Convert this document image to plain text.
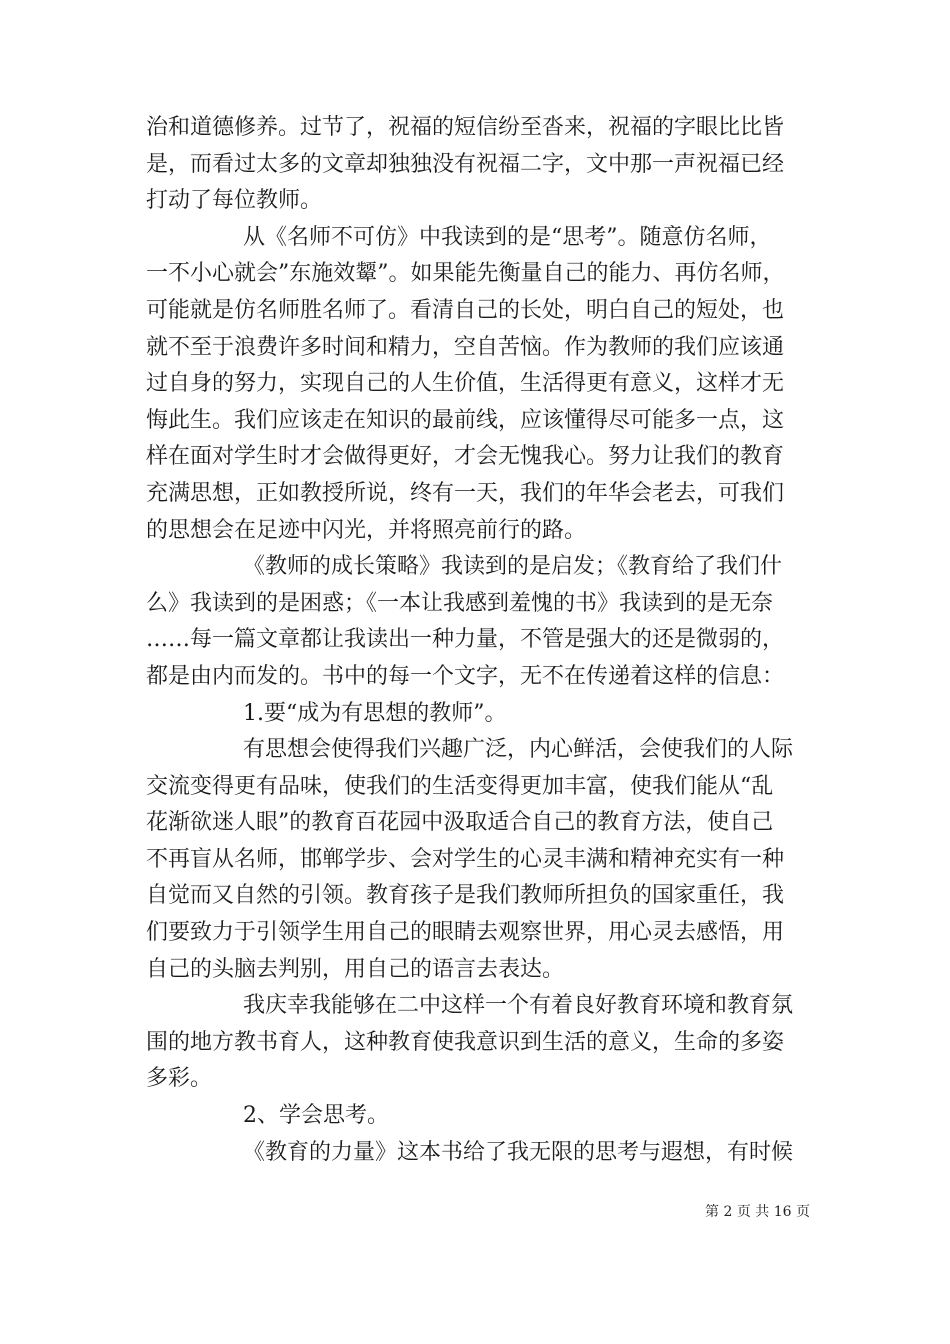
治和道德修养。过节了，祝福的短信纷至沓来，祝福的字眼比比皆
是，而看过太多的文章却独独没有祝福二字，文中那一声祝福已经
打动了每位教师。
从《名师不可仿》中我读到的是“思考”。随意仿名师，
一不小心就会”东施效颦”。如果能先衡量自己的能力、再仿名师，
可能就是仿名师胜名师了。看清自己的长处，明白自己的短处，也
就不至于浪费许多时间和精力，空自苦恼。作为教师的我们应该通
过自身的努力，实现自己的人生价值，生活得更有意义，这样才无
悔此生。我们应该走在知识的最前线，应该懂得尽可能多一点，这
样在面对学生时才会做得更好，才会无愧我心。努力让我们的教育
充满思想，正如教授所说，终有一天，我们的年华会老去，可我们
的思想会在足迹中闪光，并将照亮前行的路。
《教师的成长策略》我读到的是启发；《教育给了我们什
么》我读到的是困惑；《一本让我感到羞愧的书》我读到的是无奈
……每一篇文章都让我读出一种力量，不管是强大的还是微弱的，
都是由内而发的。书中的每一个文字，无不在传递着这样的信息：
1.要“成为有思想的教师”。
有思想会使得我们兴趣广泛，内心鲜活，会使我们的人际
交流变得更有品味，使我们的生活变得更加丰富，使我们能从“乱
花渐欲迷人眼”的教育百花园中汲取适合自己的教育方法，使自己
不再盲从名师，邯郸学步、会对学生的心灵丰满和精神充实有一种
自觉而又自然的引领。教育孩子是我们教师所担负的国家重任，我
们要致力于引领学生用自己的眼睛去观察世界，用心灵去感悟，用
自己的头脑去判别，用自己的语言去表达。
我庆幸我能够在二中这样一个有着良好教育环境和教育氛
围的地方教书育人，这种教育使我意识到生活的意义，生命的多姿
多彩。
2、学会思考。
《教育的力量》这本书给了我无限的思考与遐想，有时候
第 2 页 共 16 页
